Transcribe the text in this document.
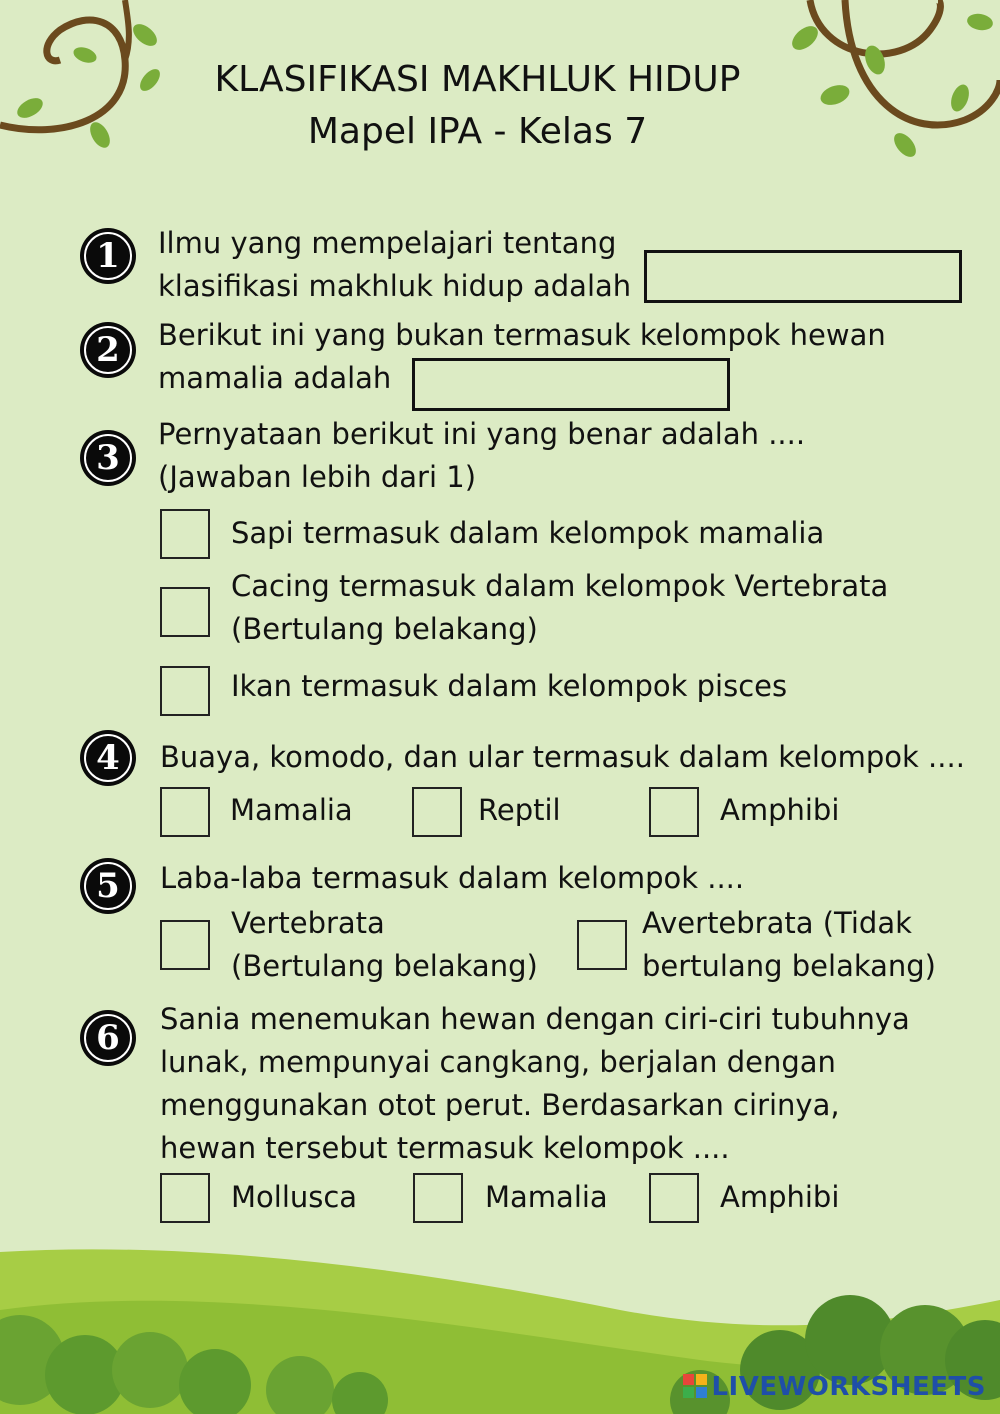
KLASIFIKASI MAKHLUK HIDUP
Mapel IPA - Kelas 7
1	Ilmu yang mempelajari tentang
klasifikasi makhluk hidup adalah
2	Berikut ini yang bukan termasuk kelompok hewan
mamalia adalah
3
Pernyataan berikut ini yang benar adalah ....
(Jawaban lebih dari 1)
Sapi termasuk dalam kelompok mamalia
Cacing termasuk dalam kelompok Vertebrata
(Bertulang belakang)
Ikan termasuk dalam kelompok pisces
4	Buaya, komodo, dan ular termasuk dalam kelompok ....
Mamalia	Reptil	Amphibi
5	Laba-laba termasuk dalam kelompok ....
Vertebrata
(Bertulang belakang)
Avertebrata (Tidak
bertulang belakang)
6	Sania menemukan hewan dengan ciri-ciri tubuhnya
lunak, mempunyai cangkang, berjalan dengan
menggunakan otot perut. Berdasarkan cirinya,
hewan tersebut termasuk kelompok ....
Mollusca	Mamalia	Amphibi
LIVEWORKSHEETS
